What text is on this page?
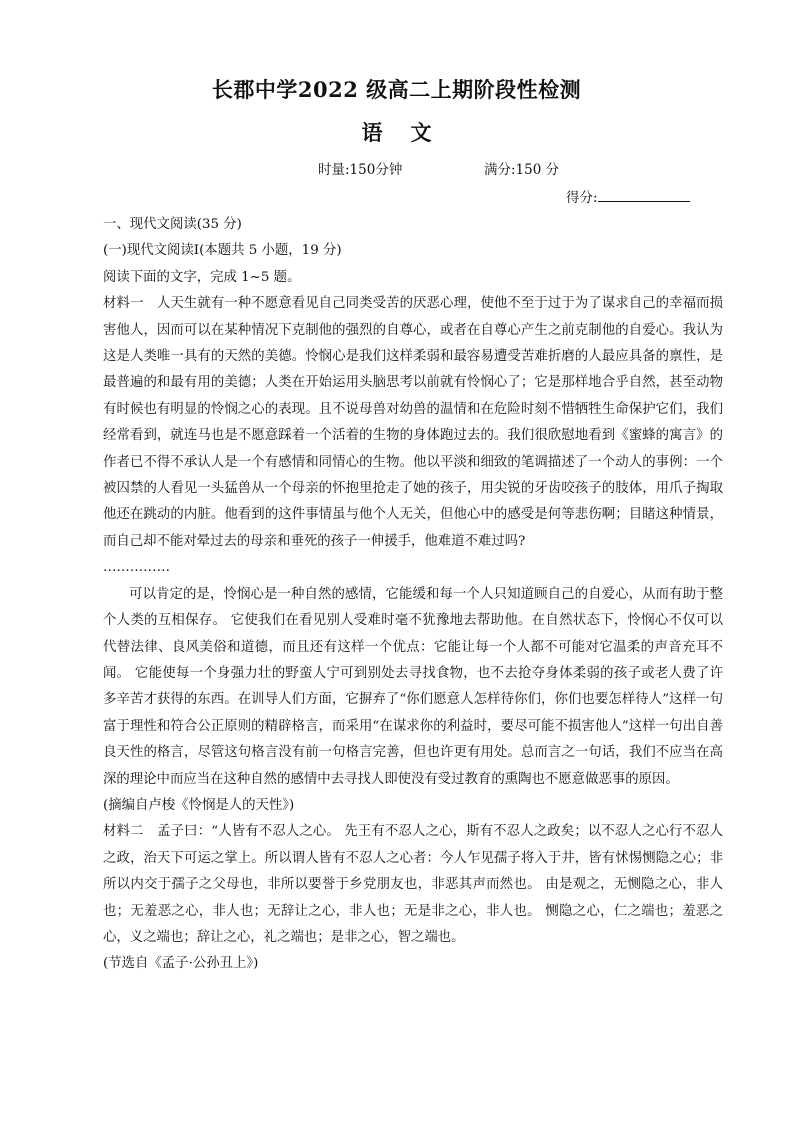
长郡中学2022 级高二上期阶段性检测
语文
时量:150分钟	满分:150 分
得分:

一、现代文阅读(35 分)

(一)现代文阅读Ⅰ(本题共 5 小题，19 分)

阅读下面的文字，完成 1~5 题。

材料一　人天生就有一种不愿意看见自己同类受苦的厌恶心理，使他不至于过于为了谋求自己的幸福而损害他人，因而可以在某种情况下克制他的强烈的自尊心，或者在自尊心产生之前克制他的自爱心。我认为这是人类唯一具有的天然的美德。怜悯心是我们这样柔弱和最容易遭受苦难折磨的人最应具备的禀性，是最普遍的和最有用的美德；人类在开始运用头脑思考以前就有怜悯心了；它是那样地合乎自然，甚至动物有时候也有明显的怜悯之心的表现。且不说母兽对幼兽的温情和在危险时刻不惜牺牲生命保护它们，我们经常看到，就连马也是不愿意踩着一个活着的生物的身体跑过去的。我们很欣慰地看到《蜜蜂的寓言》的作者已不得不承认人是一个有感情和同情心的生物。他以平淡和细致的笔调描述了一个动人的事例：一个被囚禁的人看见一头猛兽从一个母亲的怀抱里抢走了她的孩子，用尖锐的牙齿咬孩子的肢体，用爪子掏取他还在跳动的内脏。他看到的这件事情虽与他个人无关，但他心中的感受是何等悲伤啊；目睹这种情景，而自己却不能对晕过去的母亲和垂死的孩子一伸援手，他难道不难过吗?

……………

可以肯定的是，怜悯心是一种自然的感情，它能缓和每一个人只知道顾自己的自爱心，从而有助于整个人类的互相保存。 它使我们在看见别人受难时毫不犹豫地去帮助他。在自然状态下，怜悯心不仅可以代替法律、良风美俗和道德，而且还有这样一个优点：它能让每一个人都不可能对它温柔的声音充耳不闻。 它能使每一个身强力壮的野蛮人宁可到别处去寻找食物，也不去抢夺身体柔弱的孩子或老人费了许多辛苦才获得的东西。在训导人们方面，它摒弃了“你们愿意人怎样待你们，你们也要怎样待人”这样一句富于理性和符合公正原则的精辟格言，而采用“在谋求你的利益时，要尽可能不损害他人”这样一句出自善良天性的格言，尽管这句格言没有前一句格言完善，但也许更有用处。总而言之一句话，我们不应当在高深的理论中而应当在这种自然的感情中去寻找人即使没有受过教育的熏陶也不愿意做恶事的原因。

(摘编自卢梭《怜悯是人的天性》)

材料二　孟子曰：“人皆有不忍人之心。 先王有不忍人之心，斯有不忍人之政矣；以不忍人之心行不忍人之政，治天下可运之掌上。所以谓人皆有不忍人之心者：今人乍见孺子将入于井，皆有怵惕恻隐之心；非所以内交于孺子之父母也，非所以要誉于乡党朋友也，非恶其声而然也。 由是观之，无恻隐之心，非人也；无羞恶之心，非人也；无辞让之心，非人也；无是非之心，非人也。 恻隐之心，仁之端也；羞恶之心，义之端也；辞让之心，礼之端也；是非之心，智之端也。

(节选自《孟子·公孙丑上》)
